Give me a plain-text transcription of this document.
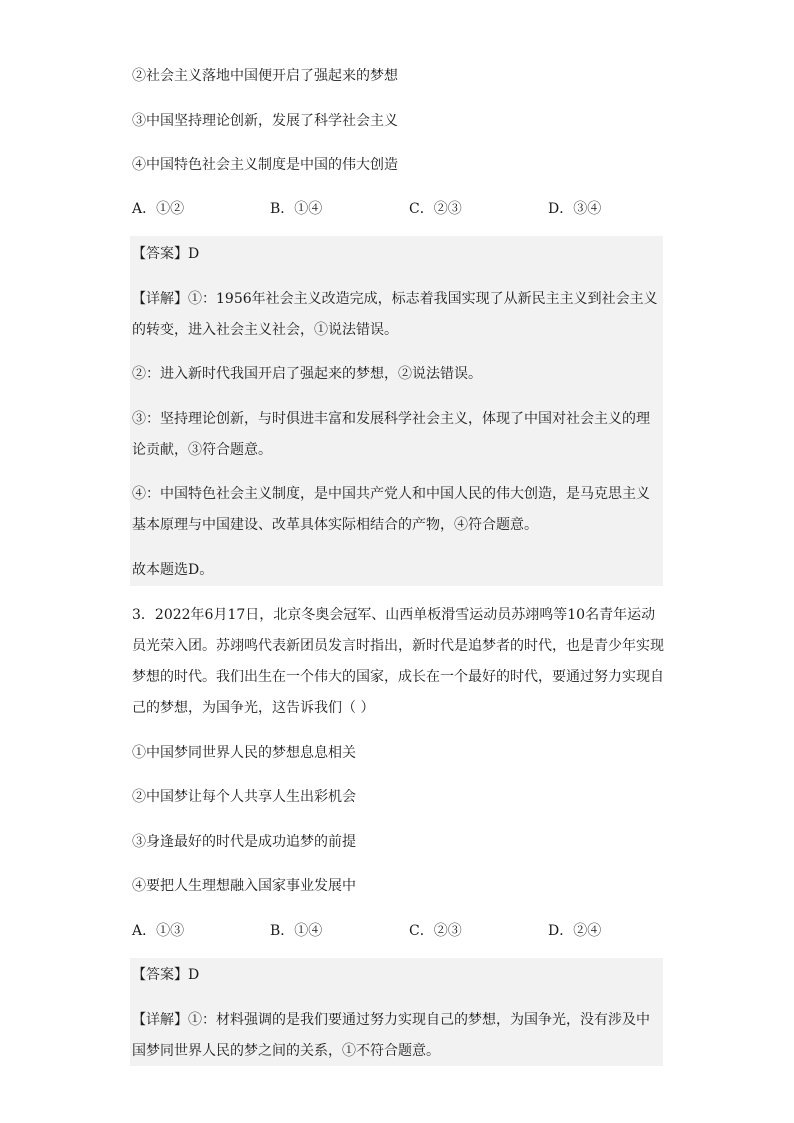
②社会主义落地中国便开启了强起来的梦想
③中国坚持理论创新，发展了科学社会主义
④中国特色社会主义制度是中国的伟大创造
A．①②	B．①④	C．②③	D．③④
【答案】D
【详解】①：1956年社会主义改造完成，标志着我国实现了从新民主主义到社会主义
的转变，进入社会主义社会，①说法错误。
②：进入新时代我国开启了强起来的梦想，②说法错误。
③：坚持理论创新，与时俱进丰富和发展科学社会主义，体现了中国对社会主义的理
论贡献，③符合题意。
④：中国特色社会主义制度，是中国共产党人和中国人民的伟大创造，是马克思主义
基本原理与中国建设、改革具体实际相结合的产物，④符合题意。
故本题选D。
3．2022年6月17日，北京冬奥会冠军、山西单板滑雪运动员苏翊鸣等10名青年运动
员光荣入团。苏翊鸣代表新团员发言时指出，新时代是追梦者的时代，也是青少年实现
梦想的时代。我们出生在一个伟大的国家，成长在一个最好的时代，要通过努力实现自
己的梦想，为国争光，这告诉我们（ ）
①中国梦同世界人民的梦想息息相关
②中国梦让每个人共享人生出彩机会
③身逢最好的时代是成功追梦的前提
④要把人生理想融入国家事业发展中
A．①③	B．①④	C．②③	D．②④
【答案】D
【详解】①：材料强调的是我们要通过努力实现自己的梦想，为国争光，没有涉及中
国梦同世界人民的梦之间的关系，①不符合题意。
